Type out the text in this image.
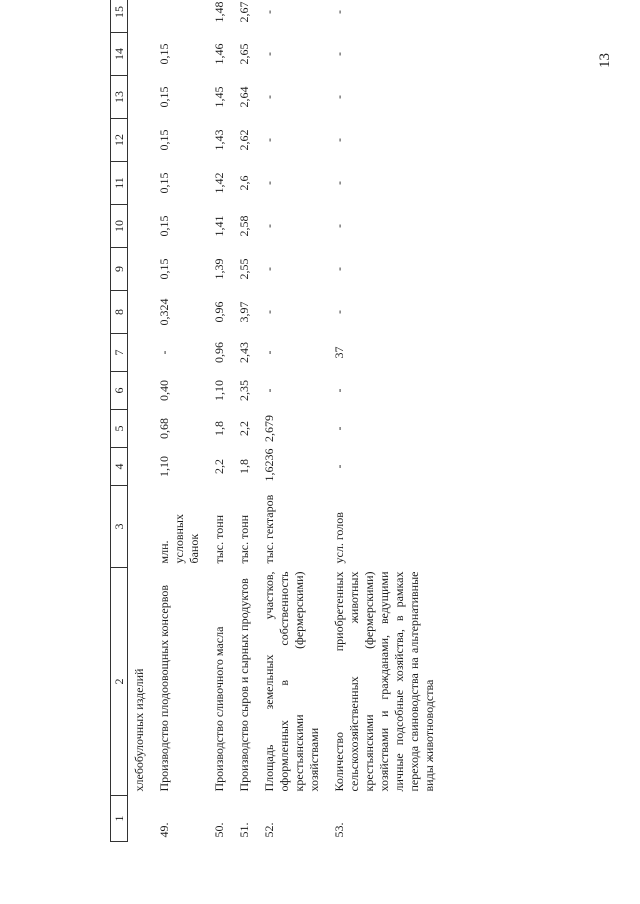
13
1	2	3	4	5	6	7	8	9	10	11	12	13	14	15
	хлебобулочных изделий													
49.	Производство плодоовощных консервов	млн. условных банок	1,10	0,68	0,40	-	0,324	0,15	0,15	0,15	0,15	0,15	0,15	
50.	Производство сливочного масла	тыс. тонн	2,2	1,8	1,10	0,96	0,96	1,39	1,41	1,42	1,43	1,45	1,46	1,48
51.	Производство сыров и сырных продуктов	тыс. тонн	1,8	2,2	2,35	2,43	3,97	2,55	2,58	2,6	2,62	2,64	2,65	2,67
52.	Площадь земельных участков, оформленных в собственность крестьянскими (фермерскими) хозяйствами	тыс. гектаров	1,6236	2,679	-	-	-	-	-	-	-	-	-	-
53.	Количество приобретенных сельскохозяйственных животных крестьянскими (фермерскими) хозяйствами и гражданами, ведущими личные подсобные хозяйства, в рамках перехода свиноводства на альтернативные виды животноводства	усл. голов	-	-	-	37	-	-	-	-	-	-	-	-
